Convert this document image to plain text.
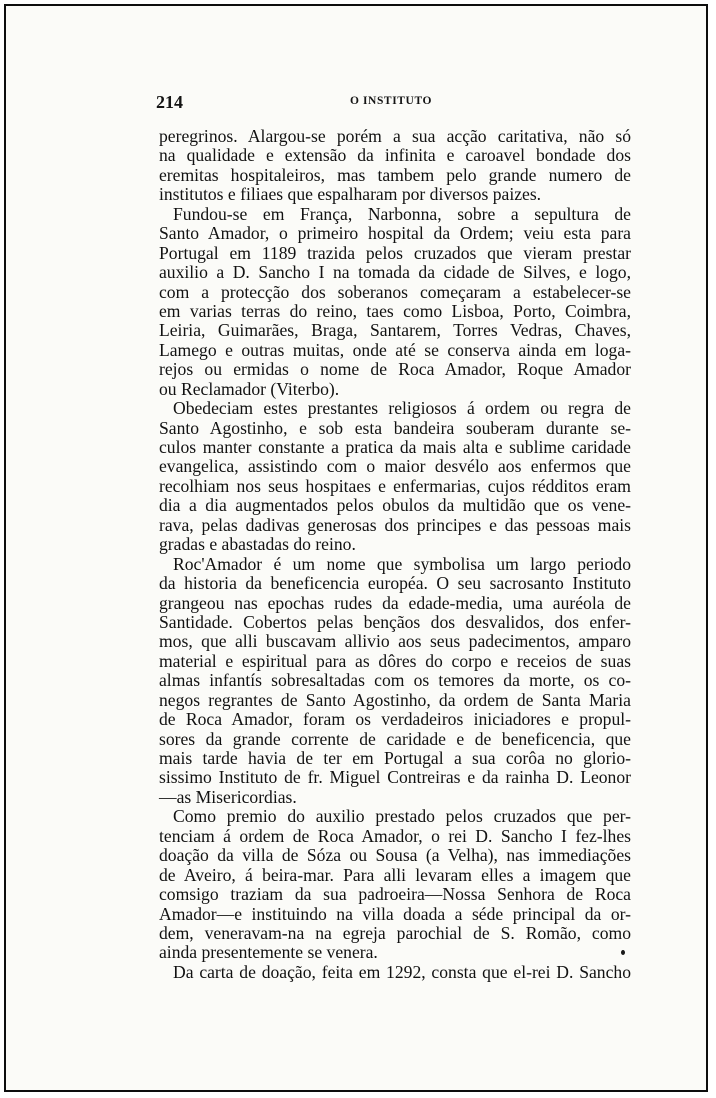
214	O INSTITUTO
peregrinos. Alargou-se porém a sua acção caritativa, não só
na qualidade e extensão da infinita e caroavel bondade dos
eremitas hospitaleiros, mas tambem pelo grande numero de
institutos e filiaes que espalharam por diversos paizes.
Fundou-se em França, Narbonna, sobre a sepultura de
Santo Amador, o primeiro hospital da Ordem; veiu esta para
Portugal em 1189 trazida pelos cruzados que vieram prestar
auxilio a D. Sancho I na tomada da cidade de Silves, e logo,
com a protecção dos soberanos começaram a estabelecer-se
em varias terras do reino, taes como Lisboa, Porto, Coimbra,
Leiria, Guimarães, Braga, Santarem, Torres Vedras, Chaves,
Lamego e outras muitas, onde até se conserva ainda em loga-
rejos ou ermidas o nome de Roca Amador, Roque Amador
ou Reclamador (Viterbo).
Obedeciam estes prestantes religiosos á ordem ou regra de
Santo Agostinho, e sob esta bandeira souberam durante se-
culos manter constante a pratica da mais alta e sublime caridade
evangelica, assistindo com o maior desvélo aos enfermos que
recolhiam nos seus hospitaes e enfermarias, cujos rédditos eram
dia a dia augmentados pelos obulos da multidão que os vene-
rava, pelas dadivas generosas dos principes e das pessoas mais
gradas e abastadas do reino.
Roc'Amador é um nome que symbolisa um largo periodo
da historia da beneficencia européa. O seu sacrosanto Instituto
grangeou nas epochas rudes da edade-media, uma auréola de
Santidade. Cobertos pelas bençãos dos desvalidos, dos enfer-
mos, que alli buscavam allivio aos seus padecimentos, amparo
material e espiritual para as dôres do corpo e receios de suas
almas infantís sobresaltadas com os temores da morte, os co-
negos regrantes de Santo Agostinho, da ordem de Santa Maria
de Roca Amador, foram os verdadeiros iniciadores e propul-
sores da grande corrente de caridade e de beneficencia, que
mais tarde havia de ter em Portugal a sua corôa no glorio-
sissimo Instituto de fr. Miguel Contreiras e da rainha D. Leonor
—as Misericordias.
Como premio do auxilio prestado pelos cruzados que per-
tenciam á ordem de Roca Amador, o rei D. Sancho I fez-lhes
doação da villa de Sóza ou Sousa (a Velha), nas immediações
de Aveiro, á beira-mar. Para alli levaram elles a imagem que
comsigo traziam da sua padroeira—Nossa Senhora de Roca
Amador—e instituindo na villa doada a séde principal da or-
dem, veneravam-na na egreja parochial de S. Romão, como
ainda presentemente se venera.
Da carta de doação, feita em 1292, consta que el-rei D. Sancho
